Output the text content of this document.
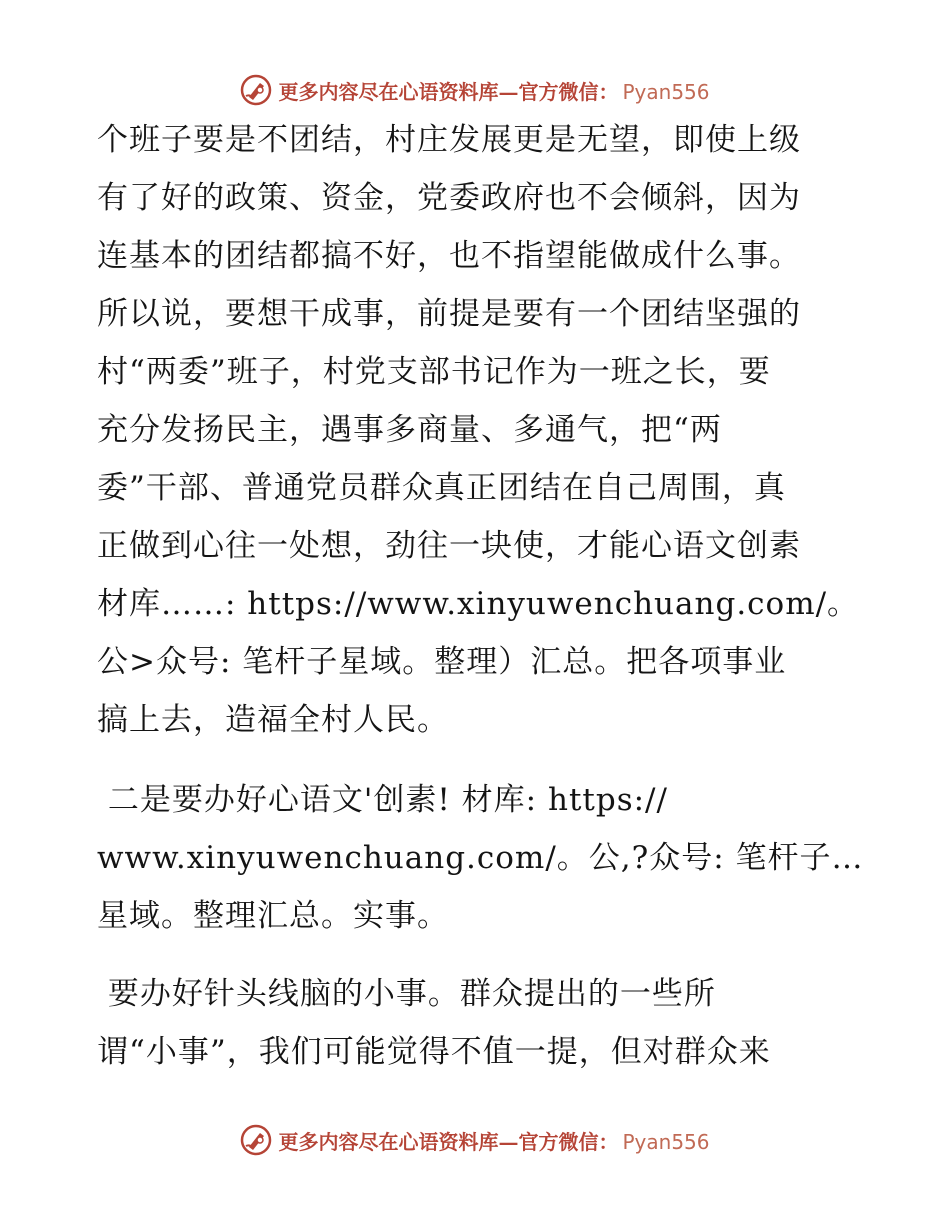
更多内容尽在心语资料库—官方微信： Pyan556
个班子要是不团结，村庄发展更是无望，即使上级
有了好的政策、资金，党委政府也不会倾斜，因为
连基本的团结都搞不好，也不指望能做成什么事。
所以说，要想干成事，前提是要有一个团结坚强的
村“两委”班子，村党支部书记作为一班之长，要
充分发扬民主，遇事多商量、多通气，把“两
委”干部、普通党员群众真正团结在自己周围，真
正做到心往一处想，劲往一块使，才能心语文创素
材库……: https://www.xinyuwenchuang.com/。
公>众号: 笔杆子星域。整理）汇总。把各项事业
搞上去，造福全村人民。
二是要办好心语文'创素! 材库: https://
www.xinyuwenchuang.com/。公,?众号: 笔杆子…
星域。整理汇总。实事。
要办好针头线脑的小事。群众提出的一些所
谓“小事”，我们可能觉得不值一提，但对群众来
更多内容尽在心语资料库—官方微信： Pyan556
